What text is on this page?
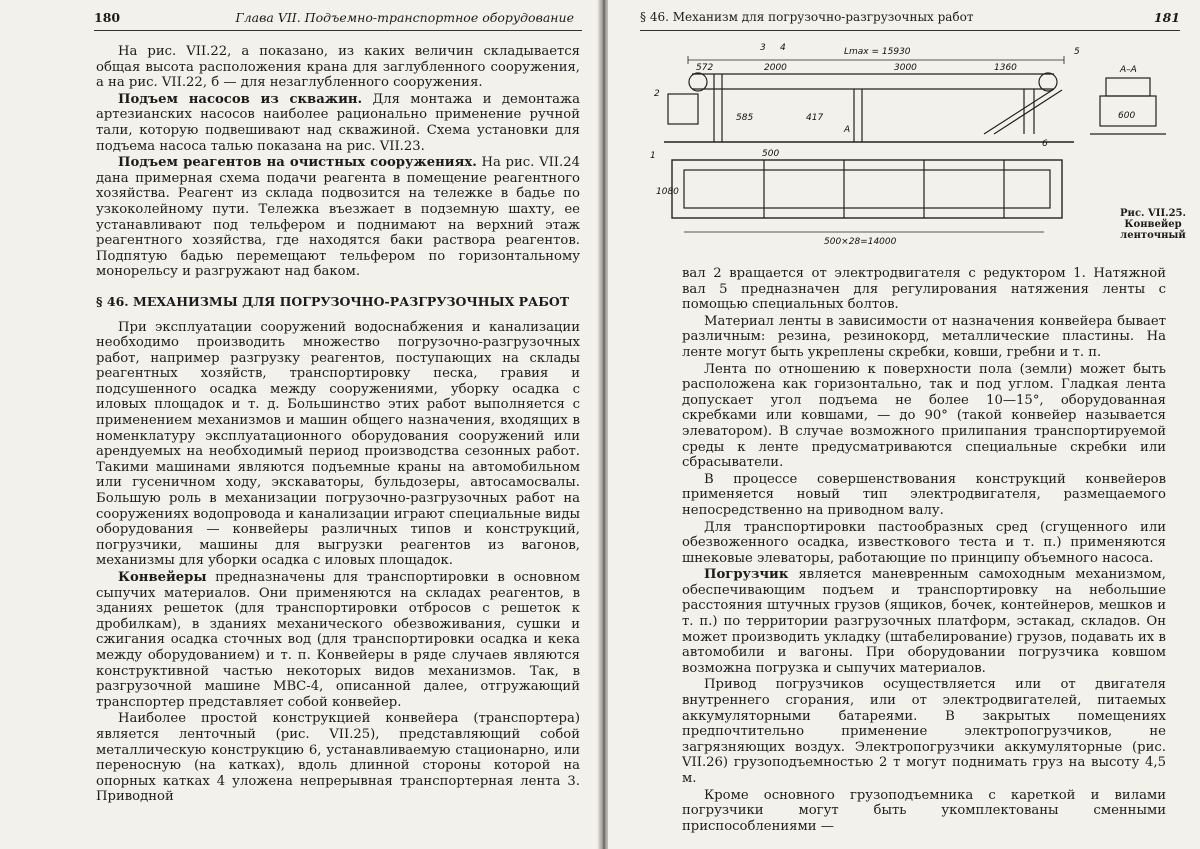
180	Глава VII. Подъемно-транспортное оборудование

На рис. VII.22, а показано, из каких величин складывается общая высота расположения крана для заглубленного сооружения, а на рис. VII.22, б — для незаглубленного сооружения.

Подъем насосов из скважин. Для монтажа и демонтажа артезианских насосов наиболее рационально применение ручной тали, которую подвешивают над скважиной. Схема установки для подъема насоса талью показана на рис. VII.23.

Подъем реагентов на очистных сооружениях. На рис. VII.24 дана примерная схема подачи реагента в помещение реагентного хозяйства. Реагент из склада подвозится на тележке в бадье по узкоколейному пути. Тележка въезжает в подземную шахту, ее устанавливают под тельфером и поднимают на верхний этаж реагентного хозяйства, где находятся баки раствора реагентов. Подпятую бадью перемещают тельфером по горизонтальному монорельсу и разгружают над баком.

§ 46. МЕХАНИЗМЫ ДЛЯ ПОГРУЗОЧНО-РАЗГРУЗОЧНЫХ РАБОТ

При эксплуатации сооружений водоснабжения и канализации необходимо производить множество погрузочно-разгрузочных работ, например разгрузку реагентов, поступающих на склады реагентных хозяйств, транспортировку песка, гравия и подсушенного осадка между сооружениями, уборку осадка с иловых площадок и т. д. Большинство этих работ выполняется с применением механизмов и машин общего назначения, входящих в номенклатуру эксплуатационного оборудования сооружений или арендуемых на необходимый период производства сезонных работ. Такими машинами являются подъемные краны на автомобильном или гусеничном ходу, экскаваторы, бульдозеры, автосамосвалы. Большую роль в механизации погрузочно-разгрузочных работ на сооружениях водопровода и канализации играют специальные виды оборудования — конвейеры различных типов и конструкций, погрузчики, машины для выгрузки реагентов из вагонов, механизмы для уборки осадка с иловых площадок.

Конвейеры предназначены для транспортировки в основном сыпучих материалов. Они применяются на складах реагентов, в зданиях решеток (для транспортировки отбросов с решеток к дробилкам), в зданиях механического обезвоживания, сушки и сжигания осадка сточных вод (для транспортировки осадка и кека между оборудованием) и т. п. Конвейеры в ряде случаев являются конструктивной частью некоторых видов механизмов. Так, в разгрузочной машине МВС-4, описанной далее, отгружающий транспортер представляет собой конвейер.

Наиболее простой конструкцией конвейера (транспортера) является ленточный (рис. VII.25), представляющий собой металлическую конструкцию 6, устанавливаемую стационарно, или переносную (на катках), вдоль длинной стороны которой на опорных катках 4 уложена непрерывная транспортерная лента 3. Приводной

§ 46. Механизм для погрузочно-разгрузочных работ	181
Lmax = 15930
572	2000	3000	1360
585	417
500
1080
500×28=14000
600
А–А
А
1
2
3 4	5
6
Рис. VII.25.
Конвейер
ленточный

вал 2 вращается от электродвигателя с редуктором 1. Натяжной вал 5 предназначен для регулирования натяжения ленты с помощью специальных болтов.

Материал ленты в зависимости от назначения конвейера бывает различным: резина, резинокорд, металлические пластины. На ленте могут быть укреплены скребки, ковши, гребни и т. п.

Лента по отношению к поверхности пола (земли) может быть расположена как горизонтально, так и под углом. Гладкая лента допускает угол подъема не более 10—15°, оборудованная скребками или ковшами, — до 90° (такой конвейер называется элеватором). В случае возможного прилипания транспортируемой среды к ленте предусматриваются специальные скребки или сбрасыватели.

В процессе совершенствования конструкций конвейеров применяется новый тип электродвигателя, размещаемого непосредственно на приводном валу.

Для транспортировки пастообразных сред (сгущенного или обезвоженного осадка, известкового теста и т. п.) применяются шнековые элеваторы, работающие по принципу объемного насоса.

Погрузчик является маневренным самоходным механизмом, обеспечивающим подъем и транспортировку на небольшие расстояния штучных грузов (ящиков, бочек, контейнеров, мешков и т. п.) по территории разгрузочных платформ, эстакад, складов. Он может производить укладку (штабелирование) грузов, подавать их в автомобили и вагоны. При оборудовании погрузчика ковшом возможна погрузка и сыпучих материалов.

Привод погрузчиков осуществляется или от двигателя внутреннего сгорания, или от электродвигателей, питаемых аккумуляторными батареями. В закрытых помещениях предпочтительно применение электропогрузчиков, не загрязняющих воздух. Электропогрузчики аккумуляторные (рис. VII.26) грузоподъемностью 2 т могут поднимать груз на высоту 4,5 м.

Кроме основного грузоподъемника с кареткой и вилами погрузчики могут быть укомплектованы сменными приспособлениями —
